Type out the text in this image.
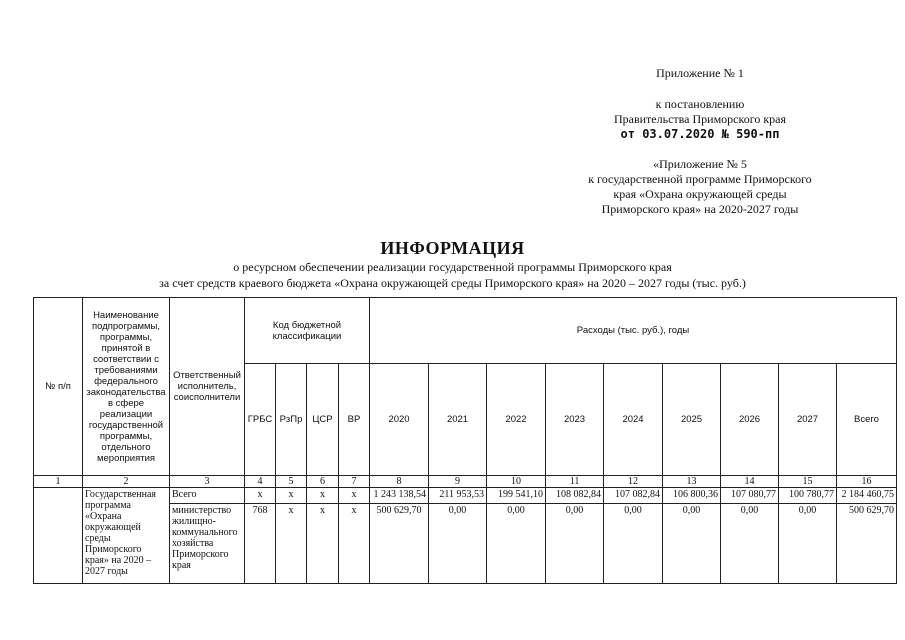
Приложение № 1
к постановлению
Правительства Приморского края
от 03.07.2020 № 590-пп
«Приложение № 5
к государственной программе Приморского
края «Охрана окружающей среды
Приморского края» на 2020-2027 годы
ИНФОРМАЦИЯ
о ресурсном обеспечении реализации государственной программы Приморского края
за счет средств краевого бюджета «Охрана окружающей среды Приморского края» на 2020 – 2027 годы (тыс. руб.)
№ п/п	Наименование подпрограммы, программы, принятой в соответствии с требованиями федерального законодательства в сфере реализации государственной программы, отдельного мероприятия	Ответственный исполнитель, соисполнители	Код бюджетной классификации				Расходы (тыс. руб.), годы								
			ГРБС	РзПр	ЦСР	ВР	2020	2021	2022	2023	2024	2025	2026	2027	Всего
1	2	3	4	5	6	7	8	9	10	11	12	13	14	15	16
	Государственная программа «Охрана окружающей среды Приморского края» на 2020 – 2027 годы	Всего	x	x	x	x	1 243 138,54	211 953,53	199 541,10	108 082,84	107 082,84	106 800,36	107 080,77	100 780,77	2 184 460,75
		министерство жилищно-коммунального хозяйства Приморского края	768	x	x	x	500 629,70	0,00	0,00	0,00	0,00	0,00	0,00	0,00	500 629,70
